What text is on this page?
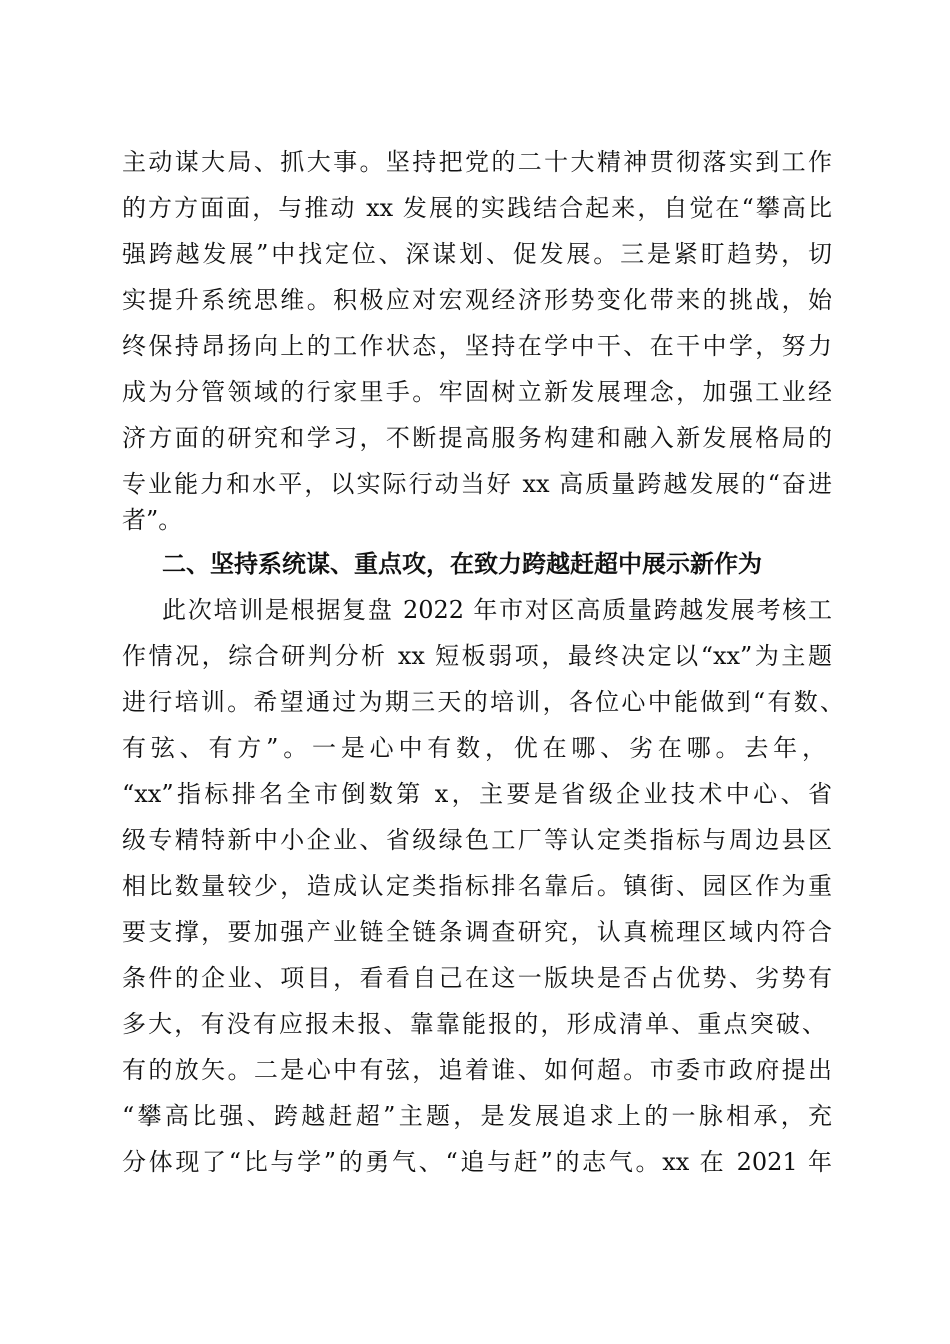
主动谋大局、抓大事。坚持把党的二十大精神贯彻落实到工作
的方方面面，与推动 xx 发展的实践结合起来，自觉在“攀高比
强跨越发展”中找定位、深谋划、促发展。三是紧盯趋势，切
实提升系统思维。积极应对宏观经济形势变化带来的挑战，始
终保持昂扬向上的工作状态，坚持在学中干、在干中学，努力
成为分管领域的行家里手。牢固树立新发展理念，加强工业经
济方面的研究和学习，不断提高服务构建和融入新发展格局的
专业能力和水平，以实际行动当好 xx 高质量跨越发展的“奋进
者”。
二、坚持系统谋、重点攻，在致力跨越赶超中展示新作为
此次培训是根据复盘 2022 年市对区高质量跨越发展考核工
作情况，综合研判分析 xx 短板弱项，最终决定以“xx”为主题
进行培训。希望通过为期三天的培训，各位心中能做到“有数、
有弦、有方”。一是心中有数，优在哪、劣在哪。去年，
“xx”指标排名全市倒数第 x，主要是省级企业技术中心、省
级专精特新中小企业、省级绿色工厂等认定类指标与周边县区
相比数量较少，造成认定类指标排名靠后。镇街、园区作为重
要支撑，要加强产业链全链条调查研究，认真梳理区域内符合
条件的企业、项目，看看自己在这一版块是否占优势、劣势有
多大，有没有应报未报、靠靠能报的，形成清单、重点突破、
有的放矢。二是心中有弦，追着谁、如何超。市委市政府提出
“攀高比强、跨越赶超”主题，是发展追求上的一脉相承，充
分体现了“比与学”的勇气、“追与赶”的志气。xx 在 2021 年
